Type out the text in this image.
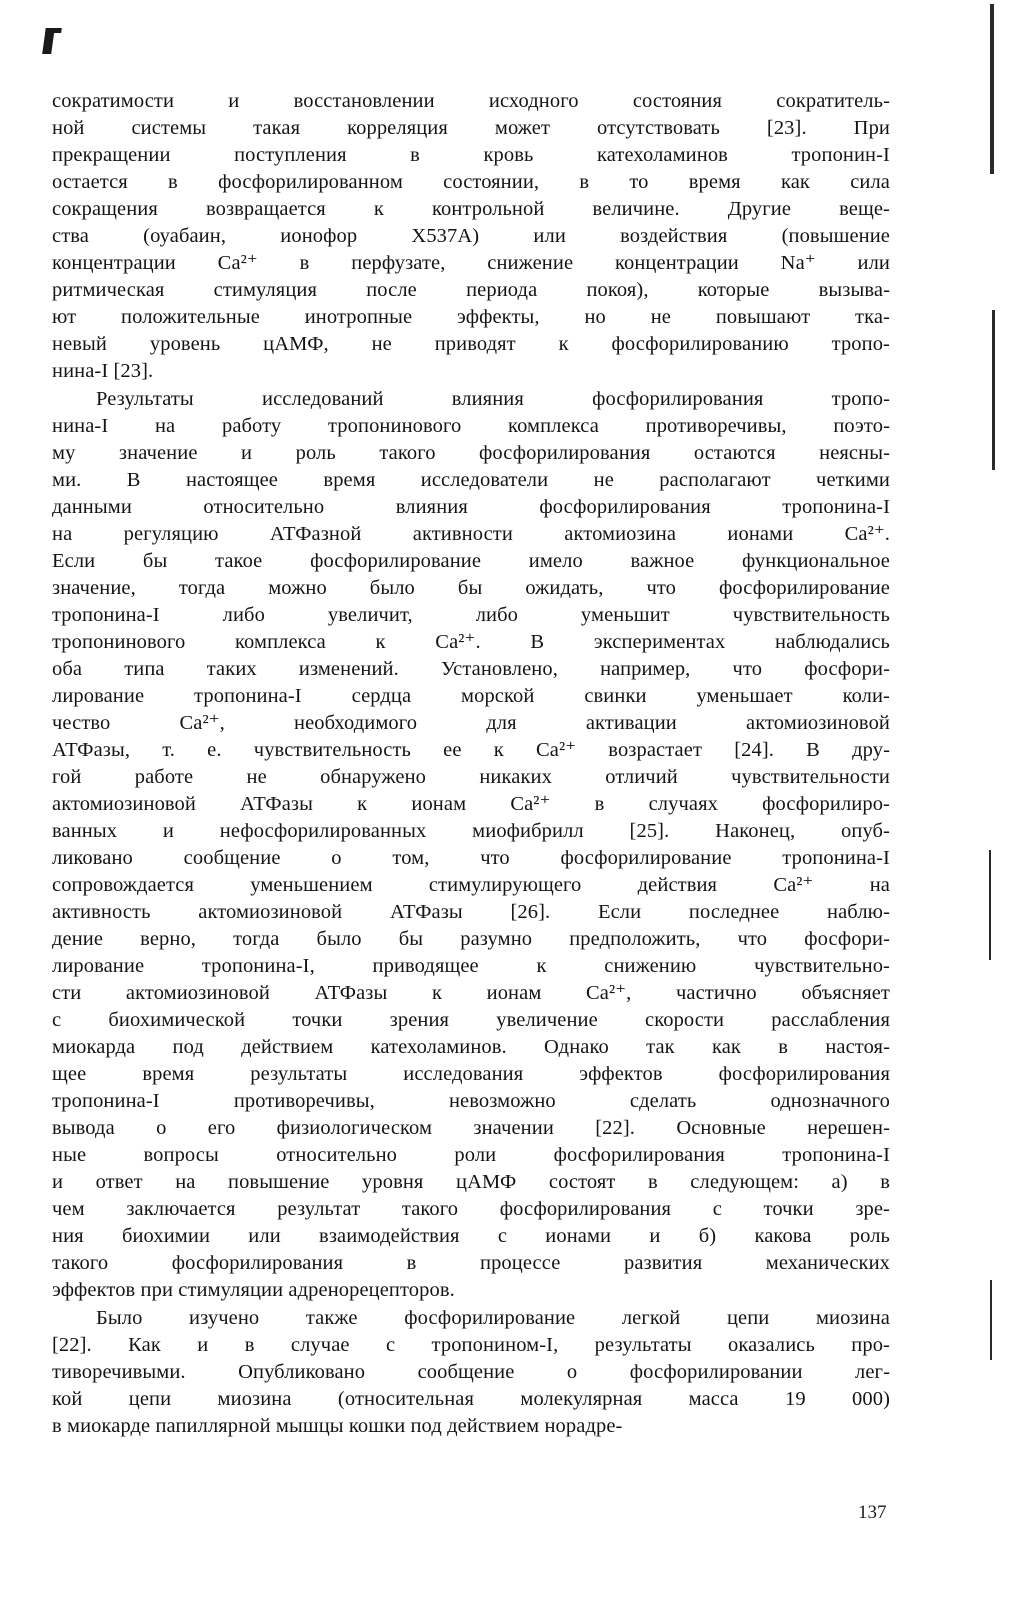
сократимости и восстановлении исходного состояния сократитель-
ной системы такая корреляция может отсутствовать [23]. При
прекращении поступления в кровь катехоламинов тропонин-I
остается в фосфорилированном состоянии, в то время как сила
сокращения возвращается к контрольной величине. Другие веще-
ства (оуабаин, ионофор X537A) или воздействия (повышение
концентрации Ca²⁺ в перфузате, снижение концентрации Na⁺ или
ритмическая стимуляция после периода покоя), которые вызыва-
ют положительные инотропные эффекты, но не повышают тка-
невый уровень цАМФ, не приводят к фосфорилированию тропо-
нина-I [23].
Результаты исследований влияния фосфорилирования тропо-
нина-I на работу тропонинового комплекса противоречивы, поэто-
му значение и роль такого фосфорилирования остаются неясны-
ми. В настоящее время исследователи не располагают четкими
данными относительно влияния фосфорилирования тропонина-I
на регуляцию АТФазной активности актомиозина ионами Ca²⁺.
Если бы такое фосфорилирование имело важное функциональное
значение, тогда можно было бы ожидать, что фосфорилирование
тропонина-I либо увеличит, либо уменьшит чувствительность
тропонинового комплекса к Ca²⁺. В экспериментах наблюдались
оба типа таких изменений. Установлено, например, что фосфори-
лирование тропонина-I сердца морской свинки уменьшает коли-
чество Ca²⁺, необходимого для активации актомиозиновой
АТФазы, т. е. чувствительность ее к Ca²⁺ возрастает [24]. В дру-
гой работе не обнаружено никаких отличий чувствительности
актомиозиновой АТФазы к ионам Ca²⁺ в случаях фосфорилиро-
ванных и нефосфорилированных миофибрилл [25]. Наконец, опуб-
ликовано сообщение о том, что фосфорилирование тропонина-I
сопровождается уменьшением стимулирующего действия Ca²⁺ на
активность актомиозиновой АТФазы [26]. Если последнее наблю-
дение верно, тогда было бы разумно предположить, что фосфори-
лирование тропонина-I, приводящее к снижению чувствительно-
сти актомиозиновой АТФазы к ионам Ca²⁺, частично объясняет
с биохимической точки зрения увеличение скорости расслабления
миокарда под действием катехоламинов. Однако так как в настоя-
щее время результаты исследования эффектов фосфорилирования
тропонина-I противоречивы, невозможно сделать однозначного
вывода о его физиологическом значении [22]. Основные нерешен-
ные вопросы относительно роли фосфорилирования тропонина-I
и ответ на повышение уровня цАМФ состоят в следующем: а) в
чем заключается результат такого фосфорилирования с точки зре-
ния биохимии или взаимодействия с ионами и б) какова роль
такого фосфорилирования в процессе развития механических
эффектов при стимуляции адренорецепторов.
Было изучено также фосфорилирование легкой цепи миозина
[22]. Как и в случае с тропонином-I, результаты оказались про-
тиворечивыми. Опубликовано сообщение о фосфорилировании лег-
кой цепи миозина (относительная молекулярная масса 19 000)
в миокарде папиллярной мышцы кошки под действием норадре-
137
